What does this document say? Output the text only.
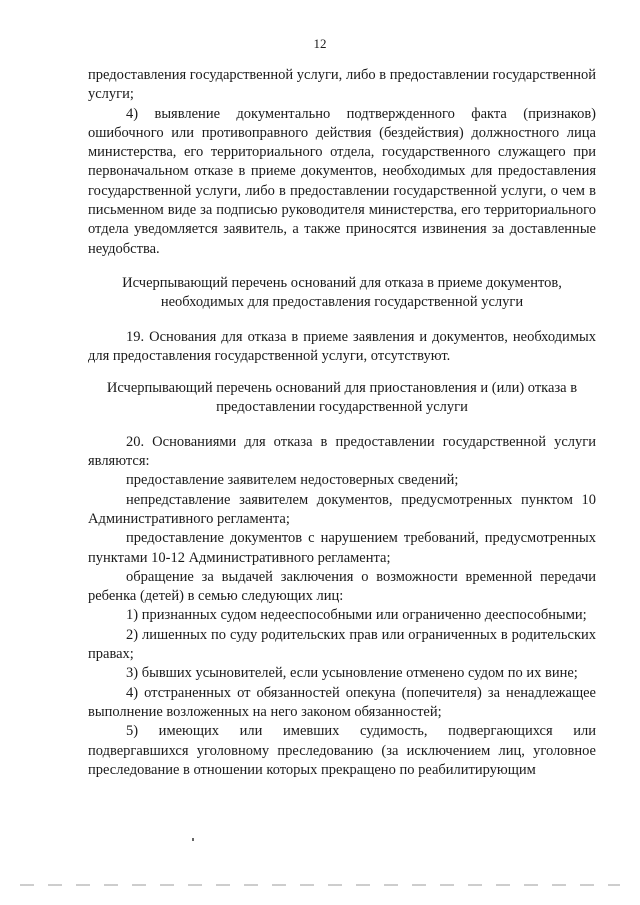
12

предоставления государственной услуги, либо в предоставлении государственной услуги;

4) выявление документально подтвержденного факта (признаков) ошибочного или противоправного действия (бездействия) должностного лица министерства, его территориального отдела, государственного служащего при первоначальном отказе в приеме документов, необходимых для предоставления государственной услуги, либо в предоставлении государственной услуги, о чем в письменном виде за подписью руководителя министерства, его территориального отдела уведомляется заявитель, а также приносятся извинения за доставленные неудобства.

Исчерпывающий перечень оснований для отказа в приеме документов, необходимых для предоставления государственной услуги

19. Основания для отказа в приеме заявления и документов, необходимых для предоставления государственной услуги, отсутствуют.

Исчерпывающий перечень оснований для приостановления и (или) отказа в предоставлении государственной услуги

20. Основаниями для отказа в предоставлении государственной услуги являются:

предоставление заявителем недостоверных сведений;

непредставление заявителем документов, предусмотренных пунктом 10 Административного регламента;

предоставление документов с нарушением требований, предусмотренных пунктами 10-12 Административного регламента;

обращение за выдачей заключения о возможности временной передачи ребенка (детей) в семью следующих лиц:

1) признанных судом недееспособными или ограниченно дееспособными;

2) лишенных по суду родительских прав или ограниченных в родительских правах;

3) бывших усыновителей, если усыновление отменено судом по их вине;

4) отстраненных от обязанностей опекуна (попечителя) за ненадлежащее выполнение возложенных на него законом обязанностей;

5) имеющих или имевших судимость, подвергающихся или подвергавшихся уголовному преследованию (за исключением лиц, уголовное преследование в отношении которых прекращено по реабилитирующим
